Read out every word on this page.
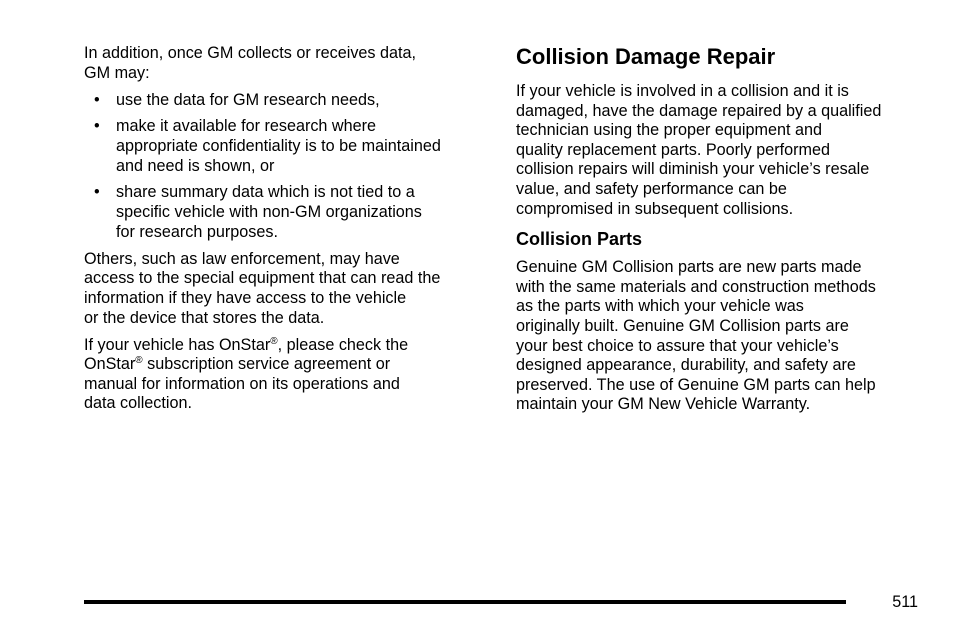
In addition, once GM collects or receives data,
GM may:

• use the data for GM research needs,
• make it available for research where
appropriate confidentiality is to be maintained
and need is shown, or
• share summary data which is not tied to a
specific vehicle with non-GM organizations
for research purposes.

Others, such as law enforcement, may have
access to the special equipment that can read the
information if they have access to the vehicle
or the device that stores the data.

If your vehicle has OnStar®, please check the
OnStar® subscription service agreement or
manual for information on its operations and
data collection.

Collision Damage Repair

If your vehicle is involved in a collision and it is
damaged, have the damage repaired by a qualified
technician using the proper equipment and
quality replacement parts. Poorly performed
collision repairs will diminish your vehicle’s resale
value, and safety performance can be
compromised in subsequent collisions.

Collision Parts

Genuine GM Collision parts are new parts made
with the same materials and construction methods
as the parts with which your vehicle was
originally built. Genuine GM Collision parts are
your best choice to assure that your vehicle’s
designed appearance, durability, and safety are
preserved. The use of Genuine GM parts can help
maintain your GM New Vehicle Warranty.

511
